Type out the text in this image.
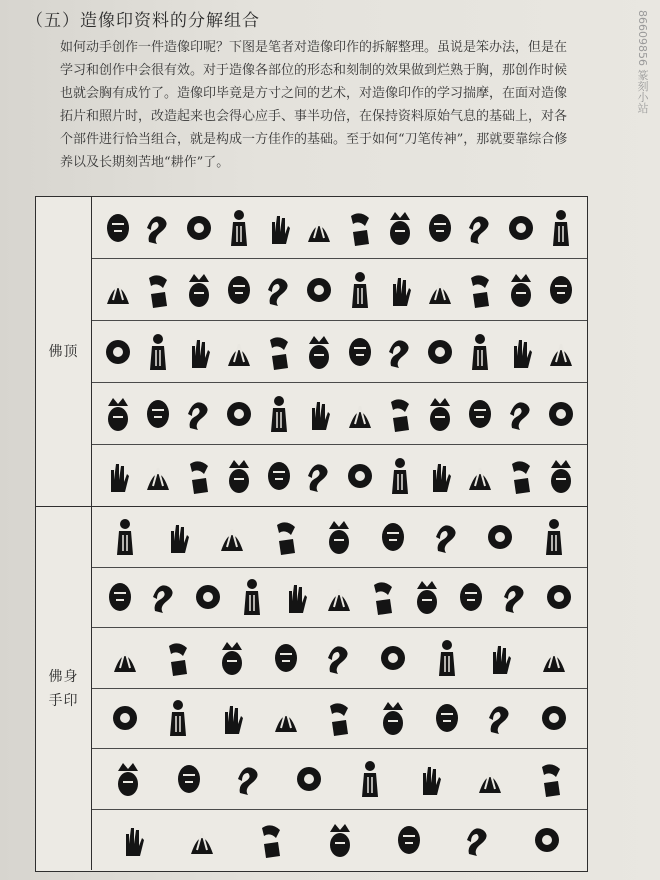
（五）造像印资料的分解组合	86609856 篆刻小站

如何动手创作一件造像印呢？下图是笔者对造像印作的拆解整理。虽说是笨办法，但是在学习和创作中会很有效。对于造像各部位的形态和刻制的效果做到烂熟于胸，那创作时候也就会胸有成竹了。造像印毕竟是方寸之间的艺术，对造像印作的学习揣摩，在面对造像拓片和照片时，改造起来也会得心应手、事半功倍，在保持资料原始气息的基础上，对各个部件进行恰当组合，就是构成一方佳作的基础。至于如何“刀笔传神”，那就要靠综合修养以及长期刻苦地“耕作”了。

佛顶
佛身手印
